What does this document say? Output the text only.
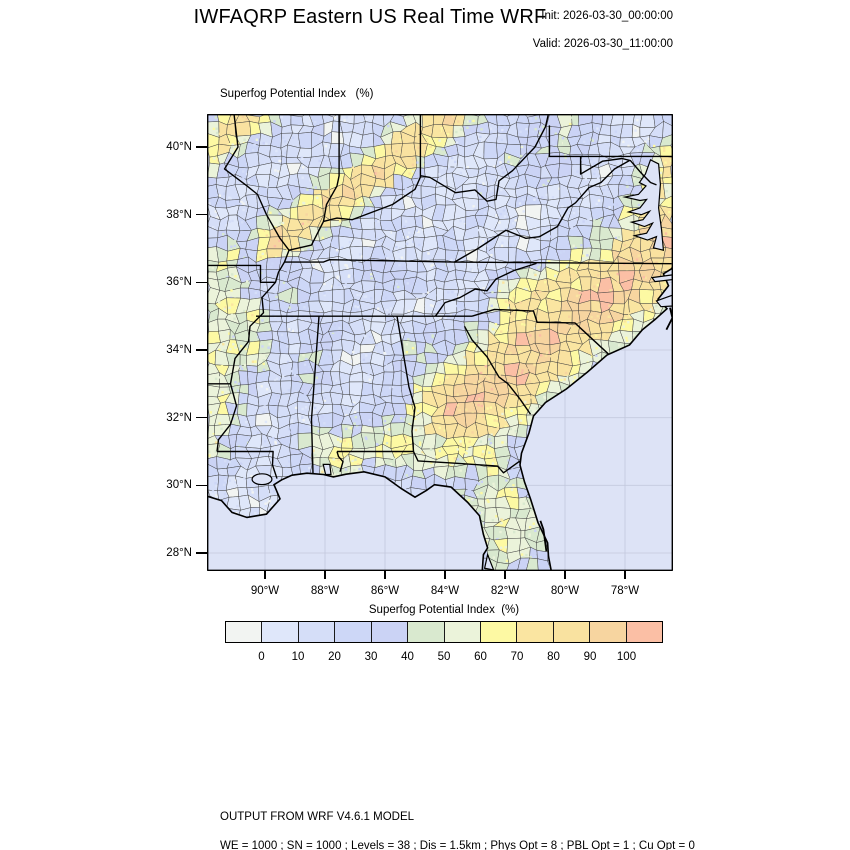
IWFAQRP Eastern US Real Time WRF
Init: 2026-03-30_00:00:00

Valid: 2026-03-30_11:00:00
Superfog Potential Index   (%)
40°N
38°N
36°N
34°N
32°N
30°N
28°N
90°W	88°W	86°W	84°W	82°W	80°W	78°W
Superfog Potential Index  (%)
0	10	20	30	40	50	60	70	80	90	100
OUTPUT FROM WRF V4.6.1 MODEL

WE = 1000 ; SN = 1000 ; Levels = 38 ; Dis = 1.5km ; Phys Opt = 8 ; PBL Opt = 1 ; Cu Opt = 0
